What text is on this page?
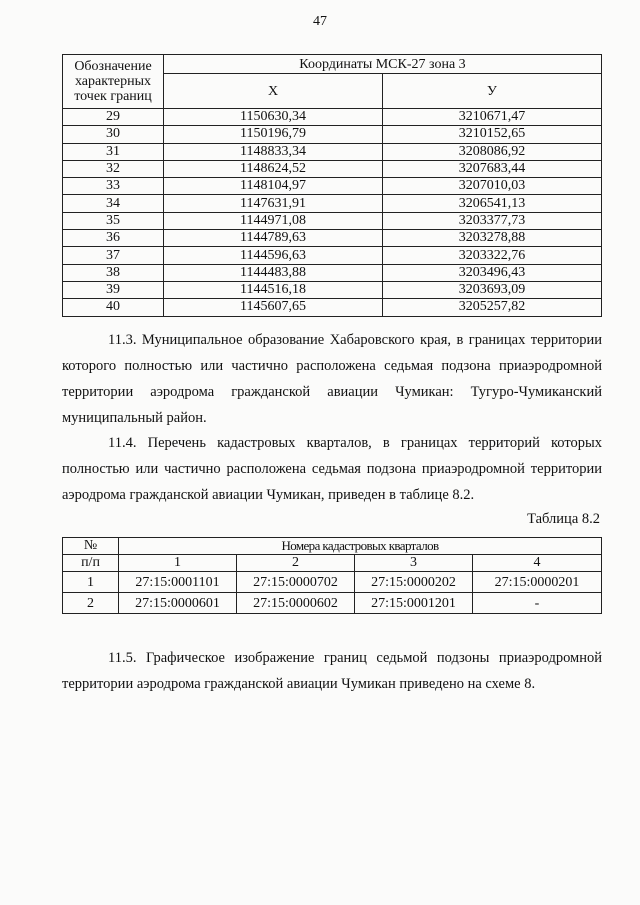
47
Обозначение характерных точек границ	Координаты МСК-27 зона 3	
	X	У
29	1150630,34	3210671,47
30	1150196,79	3210152,65
31	1148833,34	3208086,92
32	1148624,52	3207683,44
33	1148104,97	3207010,03
34	1147631,91	3206541,13
35	1144971,08	3203377,73
36	1144789,63	3203278,88
37	1144596,63	3203322,76
38	1144483,88	3203496,43
39	1144516,18	3203693,09
40	1145607,65	3205257,82
11.3. Муниципальное образование Хабаровского края, в границах территории которого полностью или частично расположена седьмая подзона приаэродромной территории аэродрома гражданской авиации Чумикан: Тугуро-Чумиканский муниципальный район.
11.4. Перечень кадастровых кварталов, в границах территорий которых полностью или частично расположена седьмая подзона приаэродромной территории аэродрома гражданской авиации Чумикан, приведен в таблице 8.2.
Таблица 8.2
№	Номера кадастровых кварталов			
п/п	1	2	3	4
1	27:15:0001101	27:15:0000702	27:15:0000202	27:15:0000201
2	27:15:0000601	27:15:0000602	27:15:0001201	-
11.5. Графическое изображение границ седьмой подзоны приаэродромной территории аэродрома гражданской авиации Чумикан приведено на схеме 8.
